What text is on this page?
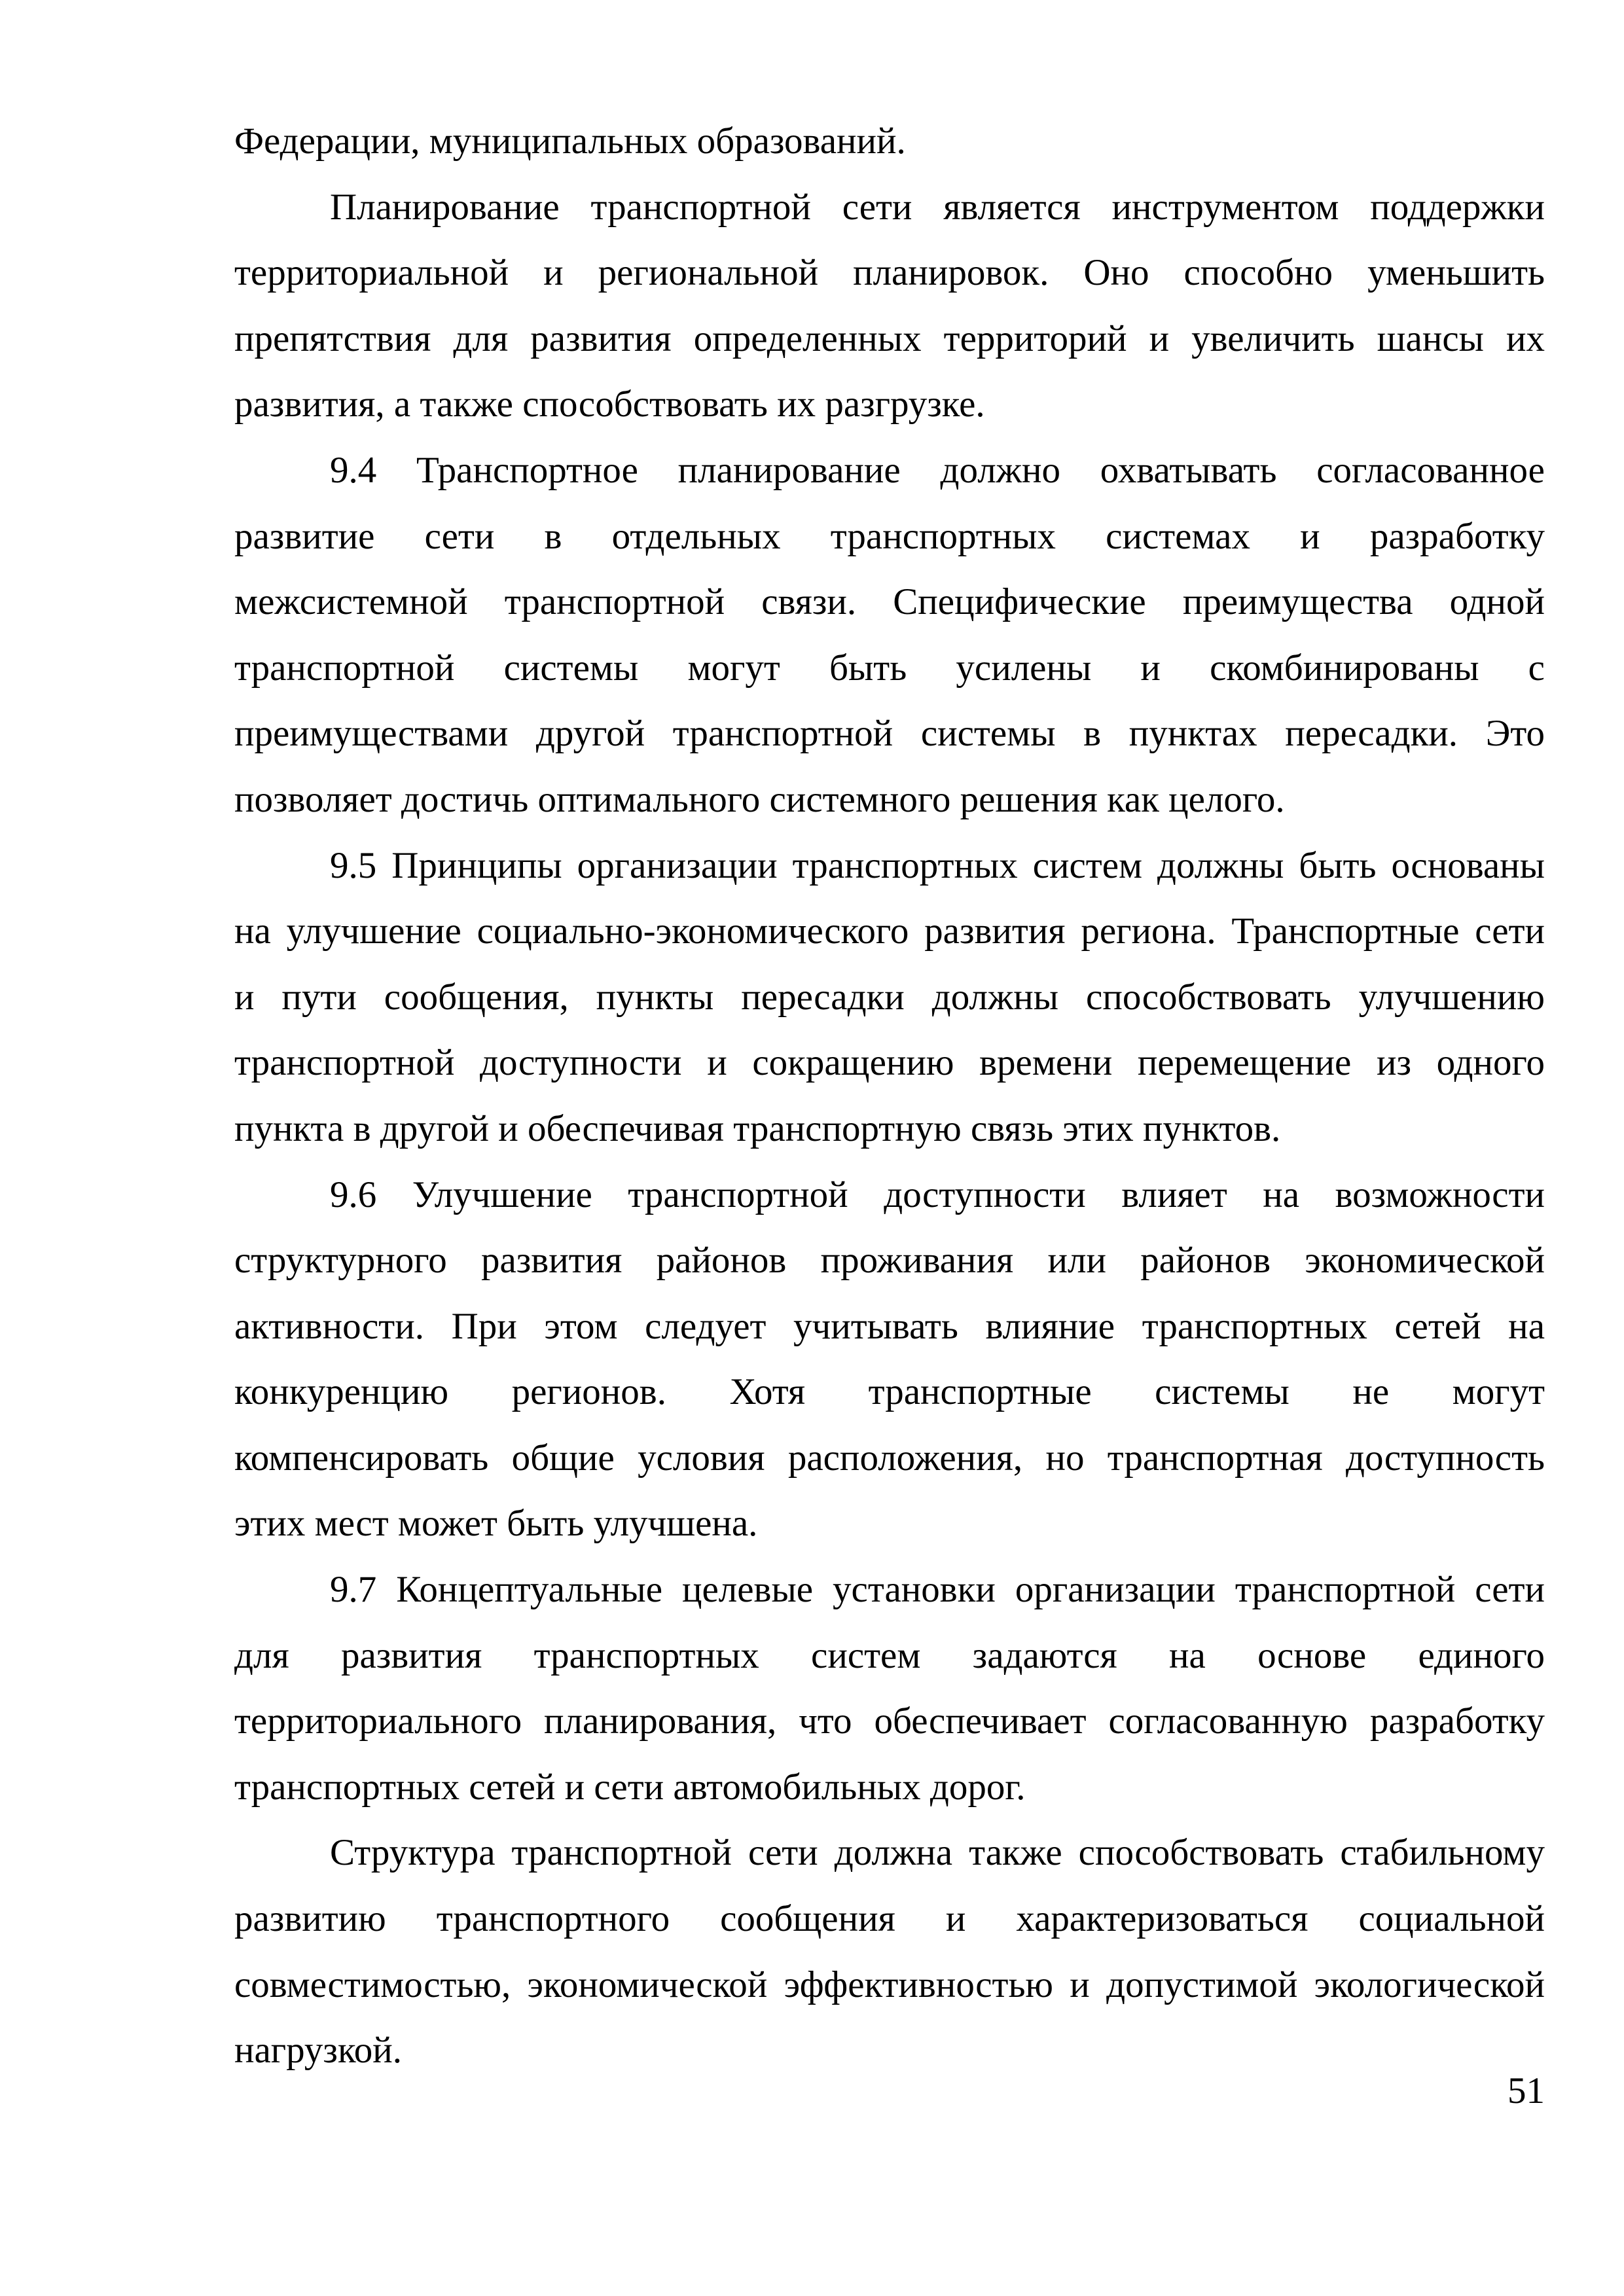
Федерации, муниципальных образований.
Планирование транспортной сети является инструментом поддержки
территориальной и региональной планировок. Оно способно уменьшить
препятствия для развития определенных территорий и увеличить шансы их
развития, а также способствовать их разгрузке.
9.4 Транспортное планирование должно охватывать согласованное
развитие сети в отдельных транспортных системах и разработку
межсистемной транспортной связи. Специфические преимущества одной
транспортной системы могут быть усилены и скомбинированы с
преимуществами другой транспортной системы в пунктах пересадки. Это
позволяет достичь оптимального системного решения как целого.
9.5 Принципы организации транспортных систем должны быть основаны
на улучшение социально-экономического развития региона. Транспортные сети
и пути сообщения, пункты пересадки должны способствовать улучшению
транспортной доступности и сокращению времени перемещение из одного
пункта в другой и обеспечивая транспортную связь этих пунктов.
9.6 Улучшение транспортной доступности влияет на возможности
структурного развития районов проживания или районов экономической
активности. При этом следует учитывать влияние транспортных сетей на
конкуренцию регионов. Хотя транспортные системы не могут
компенсировать общие условия расположения, но транспортная доступность
этих мест может быть улучшена.
9.7 Концептуальные целевые установки организации транспортной сети
для развития транспортных систем задаются на основе единого
территориального планирования, что обеспечивает согласованную разработку
транспортных сетей и сети автомобильных дорог.
Структура транспортной сети должна также способствовать стабильному
развитию транспортного сообщения и характеризоваться социальной
совместимостью, экономической эффективностью и допустимой экологической
нагрузкой.
51
